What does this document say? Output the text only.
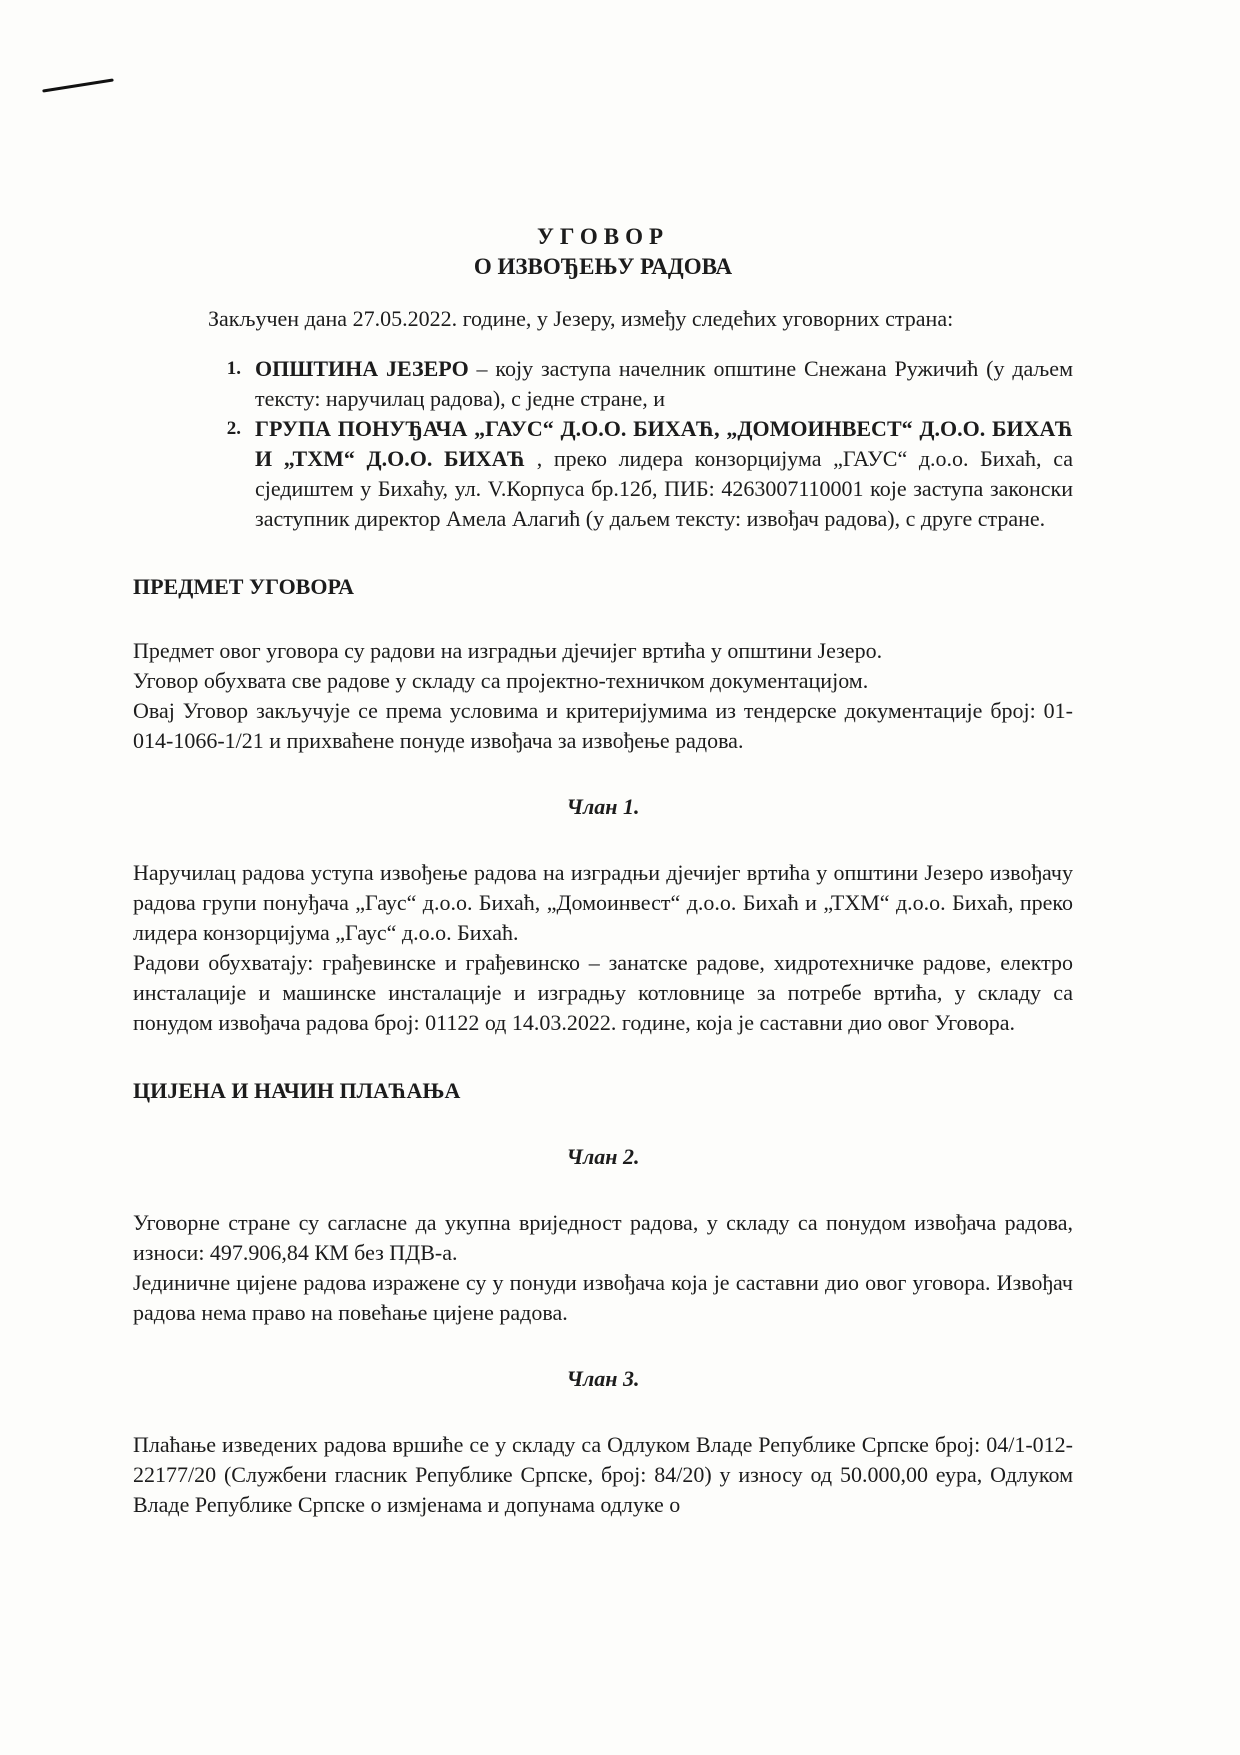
УГОВОР
О ИЗВОЂЕЊУ РАДОВА
Закључен дана 27.05.2022. године, у Језеру, између следећих уговорних страна:
1. ОПШТИНА ЈЕЗЕРО – коју заступа начелник општине Снежана Ружичић (у даљем тексту: наручилац радова), с једне стране, и
2. ГРУПА ПОНУЂАЧА „ГАУС“ Д.О.О. БИХАЋ, „ДОМОИНВЕСТ“ Д.О.О. БИХАЋ И „ТХМ“ Д.О.О. БИХАЋ , преко лидера конзорцијума „ГАУС“ д.о.о. Бихаћ, са сједиштем у Бихаћу, ул. V.Корпуса бр.12б, ПИБ: 4263007110001 које заступа законски заступник директор Амела Алагић (у даљем тексту: извођач радова), с друге стране.
ПРЕДМЕТ УГОВОРА
Предмет овог уговора су радови на изградњи дјечијег вртића у општини Језеро.
Уговор обухвата све радове у складу са пројектно-техничком документацијом.
Овај Уговор закључује се према условима и критеријумима из тендерске документације број: 01-014-1066-1/21 и прихваћене понуде извођача за извођење радова.
Члан 1.
Наручилац радова уступа извођење радова на изградњи дјечијег вртића у општини Језеро извођачу радова групи понуђача „Гаус“ д.о.о. Бихаћ, „Домоинвест“ д.о.о. Бихаћ и „ТХМ“ д.о.о. Бихаћ, преко лидера конзорцијума „Гаус“ д.о.о. Бихаћ.
Радови обухватају: грађевинске и грађевинско – занатске радове, хидротехничке радове, електро инсталације и машинске инсталације и изградњу котловнице за потребе вртића, у складу са понудом извођача радова број: 01122 од 14.03.2022. године, која је саставни дио овог Уговора.
ЦИЈЕНА И НАЧИН ПЛАЋАЊА
Члан 2.
Уговорне стране су сагласне да укупна вриједност радова, у складу са понудом извођача радова, износи: 497.906,84 КМ без ПДВ-а.
Јединичне цијене радова изражене су у понуди извођача која је саставни дио овог уговора. Извођач радова нема право на повећање цијене радова.
Члан 3.
Плаћање изведених радова вршиће се у складу са Одлуком Владе Републике Српске број: 04/1-012-22177/20 (Службени гласник Републике Српске, број: 84/20) у износу од 50.000,00 еура, Одлуком Владе Републике Српске о измјенама и допунама одлуке о
